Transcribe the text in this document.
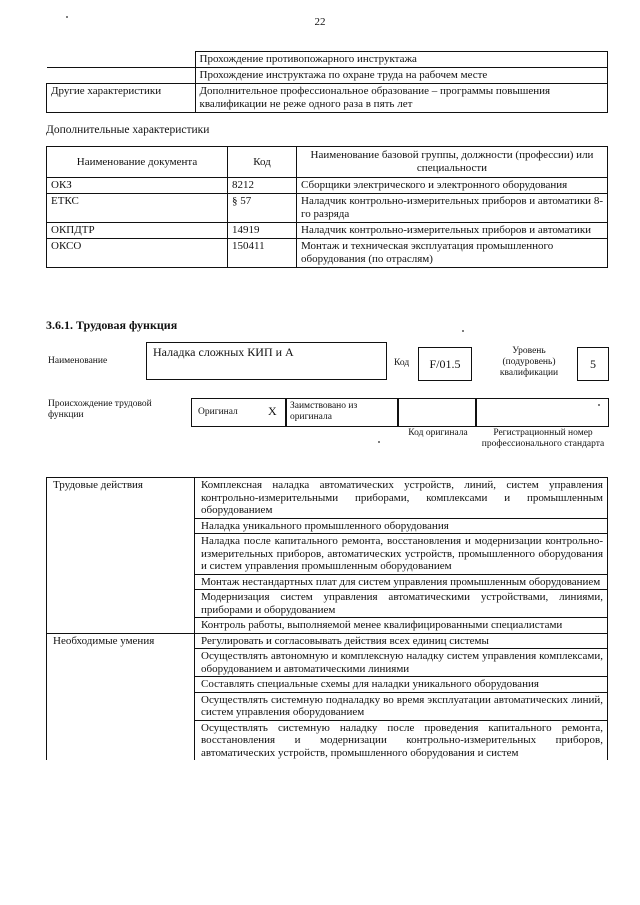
22
	Прохождение противопожарного инструктажа
	Прохождение инструктажа по охране труда на рабочем месте
Другие характеристики	Дополнительное профессиональное образование – программы повышения квалификации не реже одного раза в пять лет
Дополнительные характеристики
Наименование документа	Код	Наименование базовой группы, должности (профессии) или специальности
ОКЗ	8212	Сборщики электрического и электронного оборудования
ЕТКС	§ 57	Наладчик контрольно-измерительных приборов и автоматики 8-го разряда
ОКПДТР	14919	Наладчик контрольно-измерительных приборов и автоматики
ОКСО	150411	Монтаж и техническая эксплуатация промышленного оборудования (по отраслям)
3.6.1. Трудовая функция
Наименование
Наладка сложных КИП и А
Код	F/01.5
Уровень (подуровень) квалификации
5
Происхождение трудовой функции	Оригинал	X Заимствовано из оригинала
Код оригинала	Регистрационный номер профессионального стандарта
Трудовые действия	Комплексная наладка автоматических устройств, линий, систем управления контрольно-измерительными приборами, комплексами и промышленным оборудованием
	Наладка уникального промышленного оборудования
	Наладка после капитального ремонта, восстановления и модернизации контрольно-измерительных приборов, автоматических устройств, промышленного оборудования и систем управления промышленным оборудованием
	Монтаж нестандартных плат для систем управления промышленным оборудованием
	Модернизация систем управления автоматическими устройствами, линиями, приборами и оборудованием
	Контроль работы, выполняемой менее квалифицированными специалистами
Необходимые умения	Регулировать и согласовывать действия всех единиц системы
	Осуществлять автономную и комплексную наладку систем управления комплексами, оборудованием и автоматическими линиями
	Составлять специальные схемы для наладки уникального оборудования
	Осуществлять системную подналадку во время эксплуатации автоматических линий, систем управления оборудованием
	Осуществлять системную наладку после проведения капитального ремонта, восстановления и модернизации контрольно-измерительных приборов, автоматических устройств, промышленного оборудования и систем
